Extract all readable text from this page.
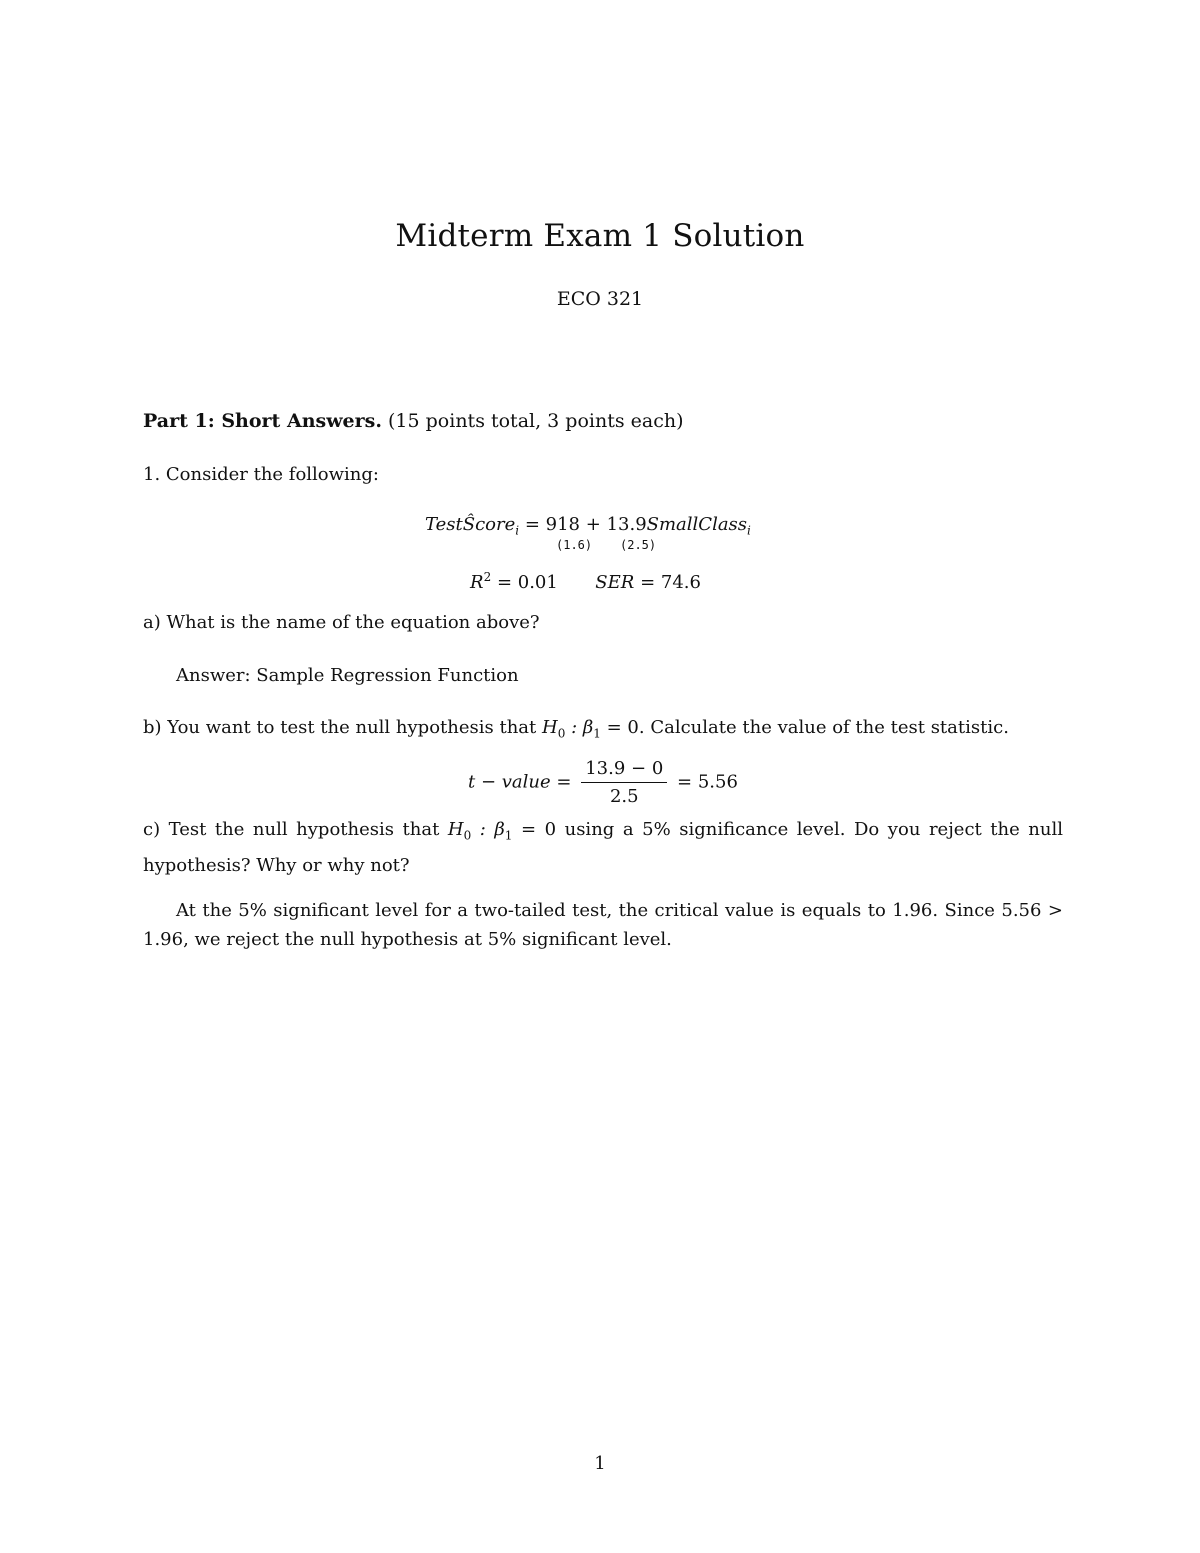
Midterm Exam 1 Solution
ECO 321
Part 1: Short Answers. (15 points total, 3 points each)
1. Consider the following:
TestŜcore$_i$ = 918 + 13.9SmallClass$_i$
(1.6) (2.5)
$R^2 = 0.01$ SER = 74.6
a) What is the name of the equation above?
Answer: Sample Regression Function
b) You want to test the null hypothesis that $H_0$ : $\beta_1 = 0$. Calculate the value of the test statistic.
t − value = $\frac{13.9 - 0}{2.5} = 5.56$
c) Test the null hypothesis that $H_0$ : $\beta_1 = 0$ using a 5% significance level. Do you reject the null hypothesis? Why or why not?
At the 5% significant level for a two-tailed test, the critical value is equals to 1.96. Since 5.56 > 1.96, we reject the null hypothesis at 5% significant level.
1
